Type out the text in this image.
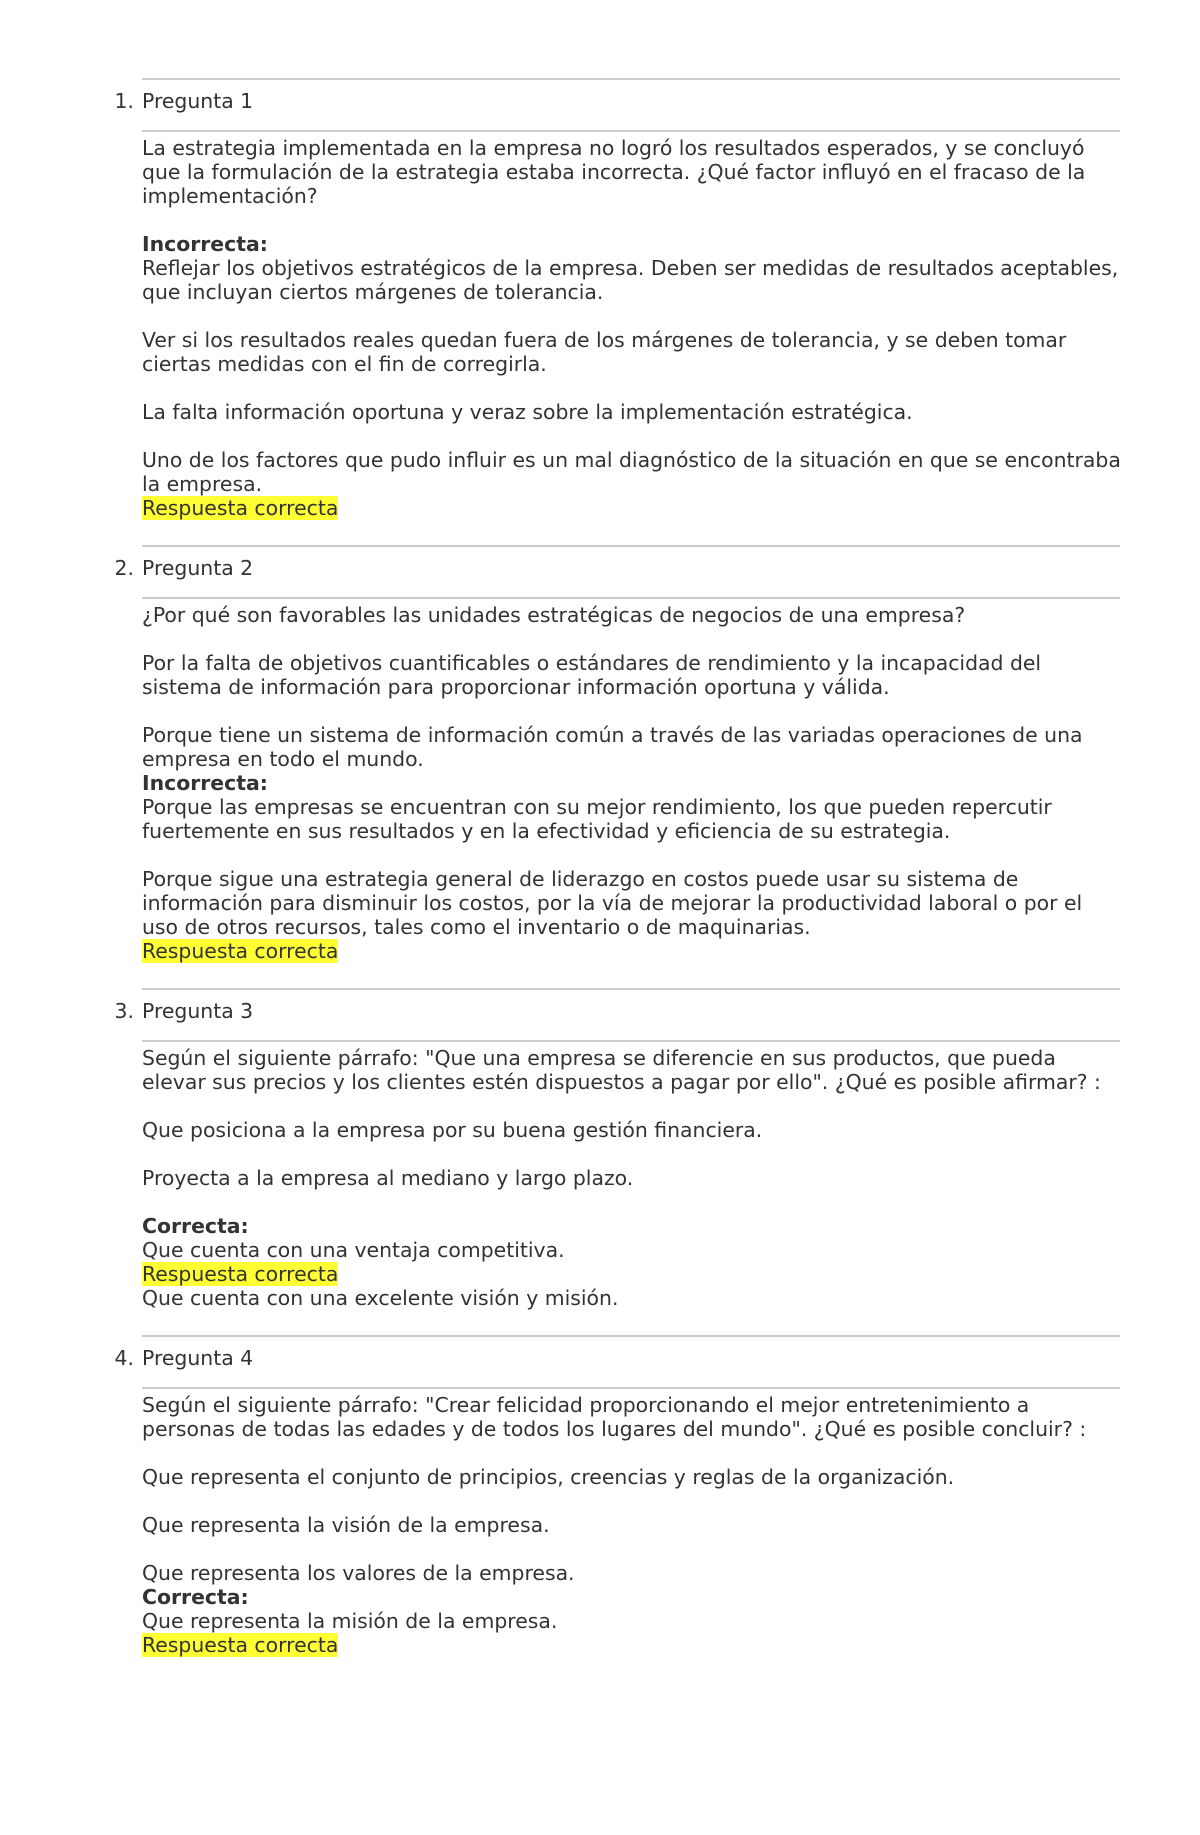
1. Pregunta 1

La estrategia implementada en la empresa no logró los resultados esperados, y se concluyó que la formulación de la estrategia estaba incorrecta. ¿Qué factor influyó en el fracaso de la implementación?

Incorrecta:
Reflejar los objetivos estratégicos de la empresa. Deben ser medidas de resultados aceptables, que incluyan ciertos márgenes de tolerancia.

Ver si los resultados reales quedan fuera de los márgenes de tolerancia, y se deben tomar ciertas medidas con el fin de corregirla.

La falta información oportuna y veraz sobre la implementación estratégica.

Uno de los factores que pudo influir es un mal diagnóstico de la situación en que se encontraba la empresa.

Respuesta correcta

2. Pregunta 2

¿Por qué son favorables las unidades estratégicas de negocios de una empresa?

Por la falta de objetivos cuantificables o estándares de rendimiento y la incapacidad del sistema de información para proporcionar información oportuna y válida.

Porque tiene un sistema de información común a través de las variadas operaciones de una empresa en todo el mundo.

Incorrecta:
Porque las empresas se encuentran con su mejor rendimiento, los que pueden repercutir fuertemente en sus resultados y en la efectividad y eficiencia de su estrategia.

Porque sigue una estrategia general de liderazgo en costos puede usar su sistema de información para disminuir los costos, por la vía de mejorar la productividad laboral o por el uso de otros recursos, tales como el inventario o de maquinarias.

Respuesta correcta

3. Pregunta 3

Según el siguiente párrafo: "Que una empresa se diferencie en sus productos, que pueda elevar sus precios y los clientes estén dispuestos a pagar por ello". ¿Qué es posible afirmar? :

Que posiciona a la empresa por su buena gestión financiera.

Proyecta a la empresa al mediano y largo plazo.

Correcta:
Que cuenta con una ventaja competitiva.

Respuesta correcta

Que cuenta con una excelente visión y misión.

4. Pregunta 4

Según el siguiente párrafo: "Crear felicidad proporcionando el mejor entretenimiento a personas de todas las edades y de todos los lugares del mundo". ¿Qué es posible concluir? :

Que representa el conjunto de principios, creencias y reglas de la organización.

Que representa la visión de la empresa.

Que representa los valores de la empresa.

Correcta:
Que representa la misión de la empresa.

Respuesta correcta
